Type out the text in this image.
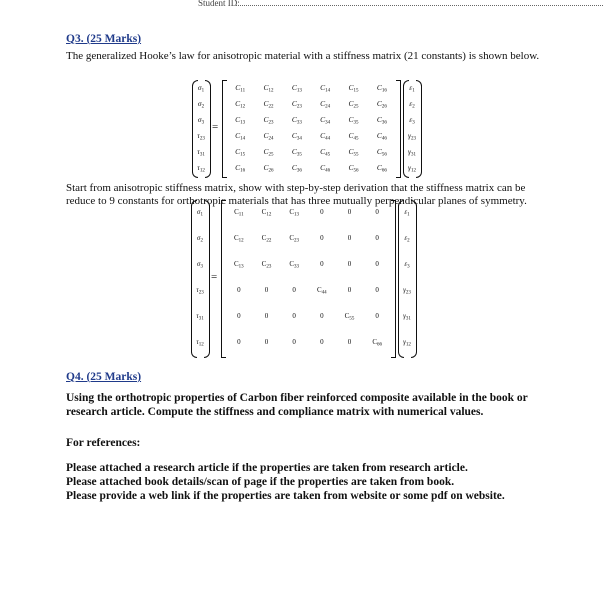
Student ID:
Q3. (25 Marks)
The generalized Hooke’s law for anisotropic material with a stiffness matrix (21 constants) is shown below.
$\sigma_1$
$\sigma_2$
$\sigma_3$
$\tau_{23}$
$\tau_{31}$
$\tau_{12}$
=
$C_{11}$	$C_{12}$	$C_{13}$	$C_{14}$	$C_{15}$	$C_{16}$
$C_{12}$	$C_{22}$	$C_{23}$	$C_{24}$	$C_{25}$	$C_{26}$
$C_{13}$	$C_{23}$	$C_{33}$	$C_{34}$	$C_{35}$	$C_{36}$
$C_{14}$	$C_{24}$	$C_{34}$	$C_{44}$	$C_{45}$	$C_{46}$
$C_{15}$	$C_{25}$	$C_{35}$	$C_{45}$	$C_{55}$	$C_{56}$
$C_{16}$	$C_{26}$	$C_{36}$	$C_{46}$	$C_{56}$	$C_{66}$
$\varepsilon_1$
$\varepsilon_2$
$\varepsilon_3$
$\gamma_{23}$
$\gamma_{31}$
$\gamma_{12}$
Start from anisotropic stiffness matrix, show with step-by-step derivation that the stiffness matrix can be reduce to 9 constants for orthotropic materials that has three mutually perpendicular planes of symmetry.
$\sigma_1$
$\sigma_2$
$\sigma_3$
$\tau_{23}$
$\tau_{31}$
$\tau_{12}$
=
$C_{11}$	$C_{12}$	$C_{13}$	0	0	0
$C_{12}$	$C_{22}$	$C_{23}$	0	0	0
$C_{13}$	$C_{23}$	$C_{33}$	0	0	0
0	0	0	$C_{44}$	0	0
0	0	0	0	$C_{55}$	0
0	0	0	0	0	$C_{66}$
$\varepsilon_1$
$\varepsilon_2$
$\varepsilon_3$
$\gamma_{23}$
$\gamma_{31}$
$\gamma_{12}$
Q4. (25 Marks)
Using the orthotropic properties of Carbon fiber reinforced composite available in the book or research article. Compute the stiffness and compliance matrix with numerical values.
For references:
Please attached a research article if the properties are taken from research article.
Please attached book details/scan of page if the properties are taken from book.
Please provide a web link if the properties are taken from website or some pdf on website.
